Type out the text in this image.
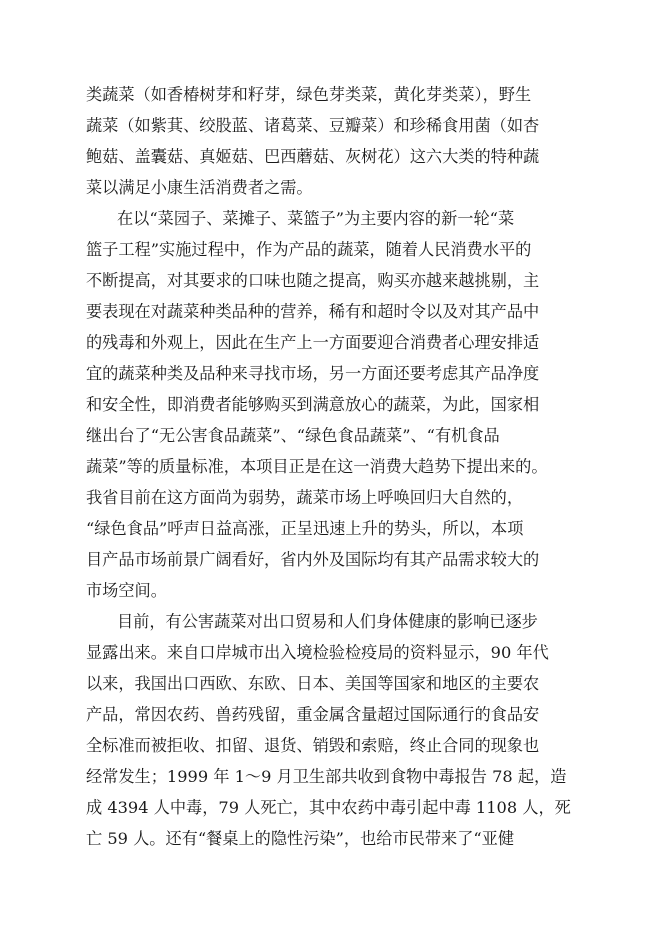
类蔬菜（如香椿树芽和籽芽，绿色芽类菜，黄化芽类菜），野生
蔬菜（如紫萁、绞股蓝、诸葛菜、豆瓣菜）和珍稀食用菌（如杏
鲍菇、盖囊菇、真姬菇、巴西蘑菇、灰树花）这六大类的特种蔬
菜以满足小康生活消费者之需。
在以“菜园子、菜摊子、菜篮子”为主要内容的新一轮“菜
篮子工程”实施过程中，作为产品的蔬菜，随着人民消费水平的
不断提高，对其要求的口味也随之提高，购买亦越来越挑剔，主
要表现在对蔬菜种类品种的营养，稀有和超时令以及对其产品中
的残毒和外观上，因此在生产上一方面要迎合消费者心理安排适
宜的蔬菜种类及品种来寻找市场，另一方面还要考虑其产品净度
和安全性，即消费者能够购买到满意放心的蔬菜，为此，国家相
继出台了“无公害食品蔬菜”、“绿色食品蔬菜”、“有机食品
蔬菜”等的质量标准，本项目正是在这一消费大趋势下提出来的。
我省目前在这方面尚为弱势，蔬菜市场上呼唤回归大自然的，
“绿色食品”呼声日益高涨，正呈迅速上升的势头，所以，本项
目产品市场前景广阔看好，省内外及国际均有其产品需求较大的
市场空间。
目前，有公害蔬菜对出口贸易和人们身体健康的影响已逐步
显露出来。来自口岸城市出入境检验检疫局的资料显示，90 年代
以来，我国出口西欧、东欧、日本、美国等国家和地区的主要农
产品，常因农药、兽药残留，重金属含量超过国际通行的食品安
全标准而被拒收、扣留、退货、销毁和索赔，终止合同的现象也
经常发生；1999 年 1～9 月卫生部共收到食物中毒报告 78 起，造
成 4394 人中毒，79 人死亡，其中农药中毒引起中毒 1108 人，死
亡 59 人。还有“餐桌上的隐性污染”，也给市民带来了“亚健
